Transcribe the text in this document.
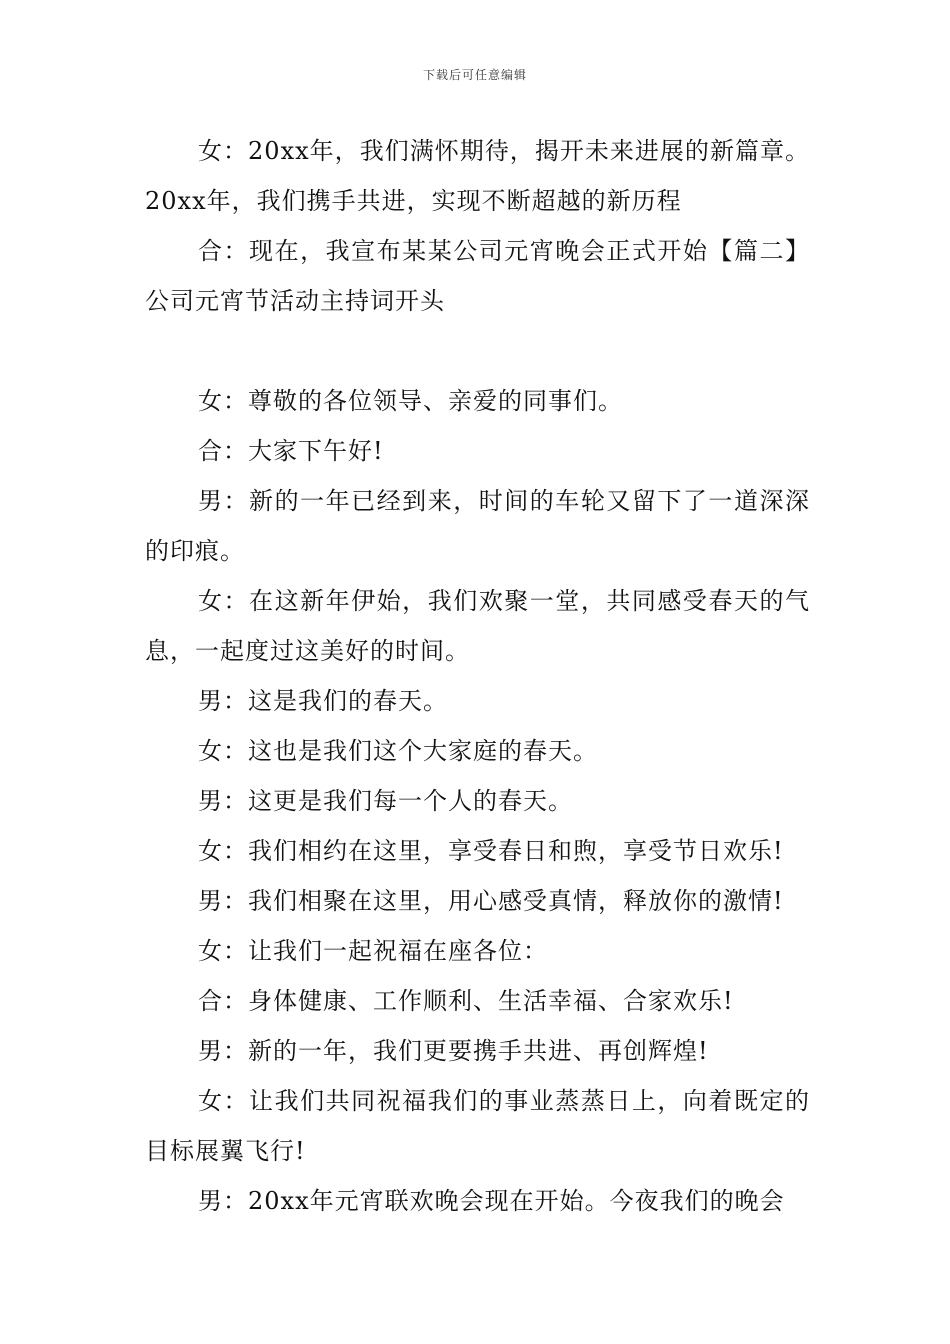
下载后可任意编辑

女：20xx年，我们满怀期待，揭开未来进展的新篇章。20xx年，我们携手共进，实现不断超越的新历程

合：现在，我宣布某某公司元宵晚会正式开始【篇二】公司元宵节活动主持词开头

女：尊敬的各位领导、亲爱的同事们。

合：大家下午好!

男：新的一年已经到来，时间的车轮又留下了一道深深的印痕。

女：在这新年伊始，我们欢聚一堂，共同感受春天的气息，一起度过这美好的时间。

男：这是我们的春天。

女：这也是我们这个大家庭的春天。

男：这更是我们每一个人的春天。

女：我们相约在这里，享受春日和煦，享受节日欢乐!

男：我们相聚在这里，用心感受真情，释放你的激情!

女：让我们一起祝福在座各位：

合：身体健康、工作顺利、生活幸福、合家欢乐!

男：新的一年，我们更要携手共进、再创辉煌!

女：让我们共同祝福我们的事业蒸蒸日上，向着既定的目标展翼飞行!

男：20xx年元宵联欢晚会现在开始。今夜我们的晚会
